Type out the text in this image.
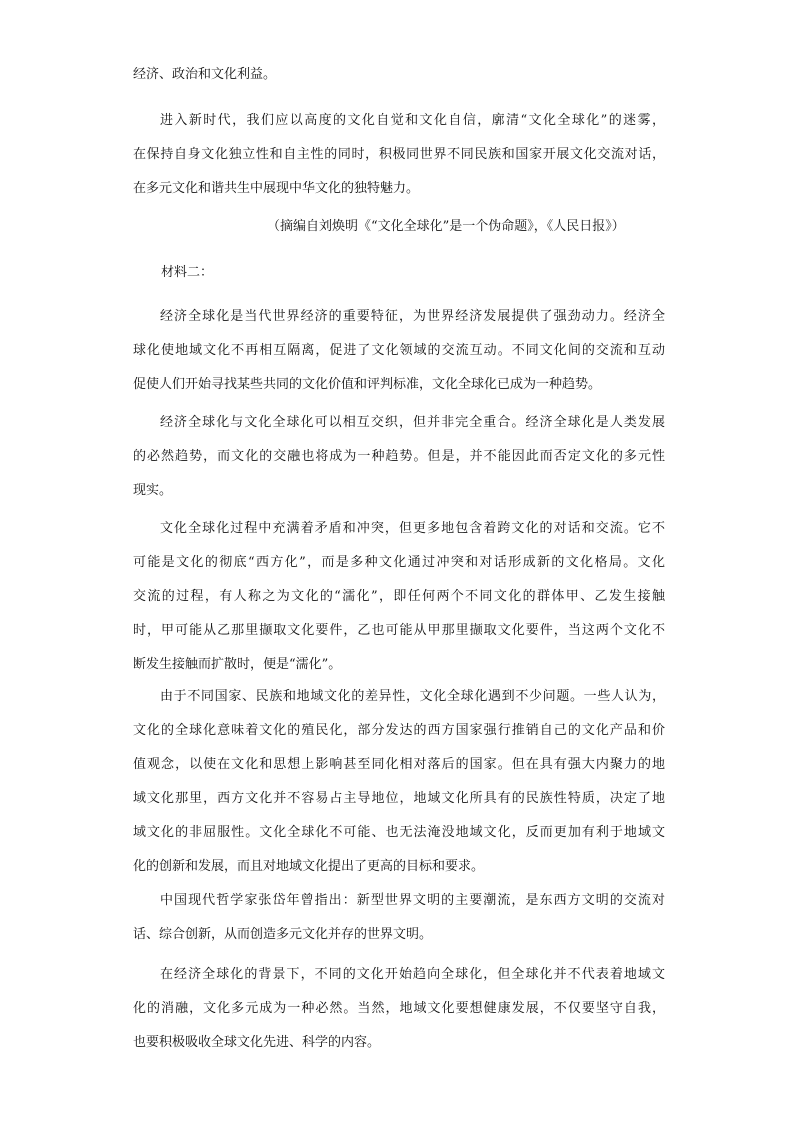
经济、政治和文化利益。
进入新时代，我们应以高度的文化自觉和文化自信，廓清“文化全球化”的迷雾，
在保持自身文化独立性和自主性的同时，积极同世界不同民族和国家开展文化交流对话，
在多元文化和谐共生中展现中华文化的独特魅力。
（摘编自刘焕明《“文化全球化”是一个伪命题》，《人民日报》）
材料二：
经济全球化是当代世界经济的重要特征，为世界经济发展提供了强劲动力。经济全
球化使地域文化不再相互隔离，促进了文化领域的交流互动。不同文化间的交流和互动
促使人们开始寻找某些共同的文化价值和评判标准，文化全球化已成为一种趋势。
经济全球化与文化全球化可以相互交织，但并非完全重合。经济全球化是人类发展
的必然趋势，而文化的交融也将成为一种趋势。但是，并不能因此而否定文化的多元性
现实。
文化全球化过程中充满着矛盾和冲突，但更多地包含着跨文化的对话和交流。它不
可能是文化的彻底“西方化”，而是多种文化通过冲突和对话形成新的文化格局。文化
交流的过程，有人称之为文化的“濡化”，即任何两个不同文化的群体甲、乙发生接触
时，甲可能从乙那里撷取文化要件，乙也可能从甲那里撷取文化要件，当这两个文化不
断发生接触而扩散时，便是“濡化”。
由于不同国家、民族和地域文化的差异性，文化全球化遇到不少问题。一些人认为，
文化的全球化意味着文化的殖民化，部分发达的西方国家强行推销自己的文化产品和价
值观念，以使在文化和思想上影响甚至同化相对落后的国家。但在具有强大内聚力的地
域文化那里，西方文化并不容易占主导地位，地域文化所具有的民族性特质，决定了地
域文化的非屈服性。文化全球化不可能、也无法淹没地域文化，反而更加有利于地域文
化的创新和发展，而且对地域文化提出了更高的目标和要求。
中国现代哲学家张岱年曾指出：新型世界文明的主要潮流，是东西方文明的交流对
话、综合创新，从而创造多元文化并存的世界文明。
在经济全球化的背景下，不同的文化开始趋向全球化，但全球化并不代表着地域文
化的消融，文化多元成为一种必然。当然，地域文化要想健康发展，不仅要坚守自我，
也要积极吸收全球文化先进、科学的内容。
